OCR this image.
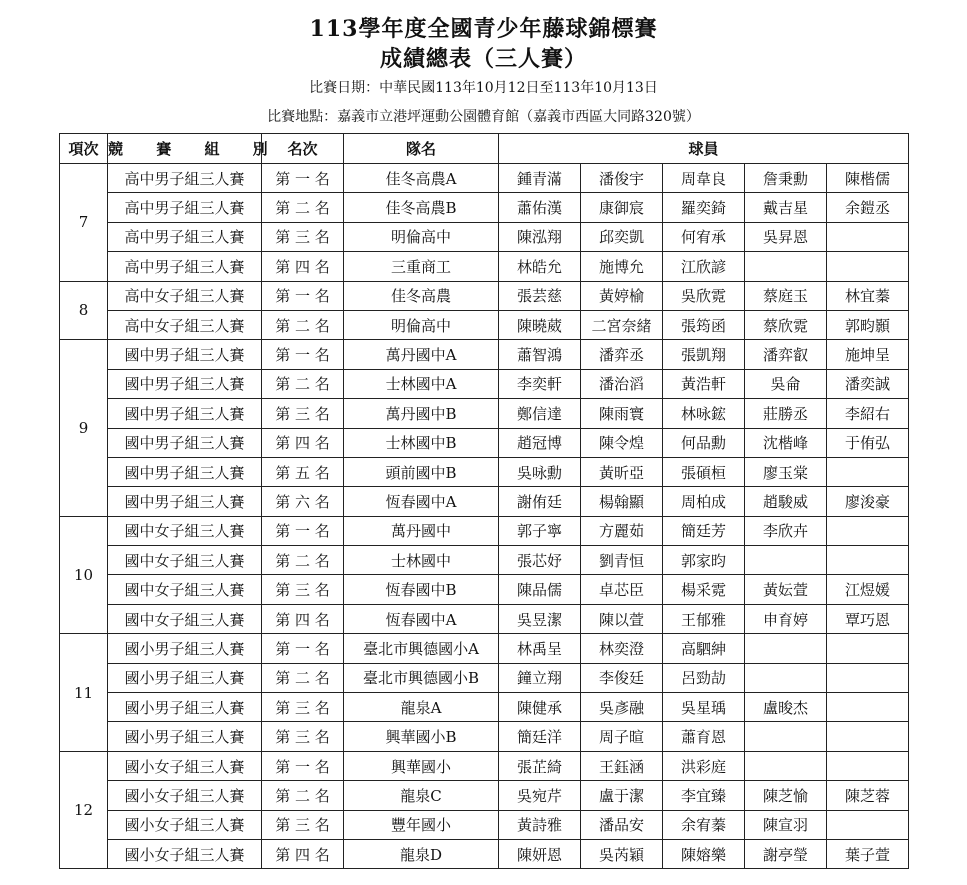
113學年度全國青少年藤球錦標賽
成績總表（三人賽）
比賽日期：中華民國113年10月12日至113年10月13日
比賽地點：嘉義市立港坪運動公園體育館（嘉義市西區大同路320號）
項次	競 賽 組 別	名次	隊名	球員				
7	高中男子組三人賽	第 一 名	佳冬高農A	鍾青滿	潘俊宇	周韋良	詹秉勳	陳楷儒
	高中男子組三人賽	第 二 名	佳冬高農B	蕭佑漢	康御宸	羅奕錡	戴吉星	余鎧丞
	高中男子組三人賽	第 三 名	明倫高中	陳泓翔	邱奕凱	何宥承	吳昇恩	
	高中男子組三人賽	第 四 名	三重商工	林皓允	施博允	江欣諺		
8	高中女子組三人賽	第 一 名	佳冬高農	張芸慈	黃婷榆	吳欣霓	蔡庭玉	林宜蓁
	高中女子組三人賽	第 二 名	明倫高中	陳曉葳	二宮奈緒	張筠函	蔡欣霓	郭畇顥
9	國中男子組三人賽	第 一 名	萬丹國中A	蕭智鴻	潘弈丞	張凱翔	潘弈叡	施坤呈
	國中男子組三人賽	第 二 名	士林國中A	李奕軒	潘治滔	黃浩軒	吳侖	潘奕誠
	國中男子組三人賽	第 三 名	萬丹國中B	鄭信達	陳雨寰	林咏鋐	莊勝丞	李紹右
	國中男子組三人賽	第 四 名	士林國中B	趙冠博	陳令煌	何品勳	沈楷峰	于侑弘
	國中男子組三人賽	第 五 名	頭前國中B	吳咏勳	黃昕亞	張碩桓	廖玉棠	
	國中男子組三人賽	第 六 名	恆春國中A	謝侑廷	楊翰顯	周柏成	趙駿威	廖浚豪
10	國中女子組三人賽	第 一 名	萬丹國中	郭子寧	方麗茹	簡廷芳	李欣卉	
	國中女子組三人賽	第 二 名	士林國中	張芯妤	劉青恒	郭家昀		
	國中女子組三人賽	第 三 名	恆春國中B	陳品儒	卓芯臣	楊采霓	黃妘萱	江煜媛
	國中女子組三人賽	第 四 名	恆春國中A	吳昱潔	陳以萱	王郁雅	申育婷	覃巧恩
11	國小男子組三人賽	第 一 名	臺北市興德國小A	林禹呈	林奕澄	高駟紳		
	國小男子組三人賽	第 二 名	臺北市興德國小B	鐘立翔	李俊廷	呂勁劼		
	國小男子組三人賽	第 三 名	龍泉A	陳健承	吳彥融	吳星瑀	盧晙杰	
	國小男子組三人賽	第 三 名	興華國小B	簡廷洋	周子暄	蕭育恩		
12	國小女子組三人賽	第 一 名	興華國小	張芷綺	王鈺涵	洪彩庭		
	國小女子組三人賽	第 二 名	龍泉C	吳宛芹	盧于潔	李宜臻	陳芝愉	陳芝蓉
	國小女子組三人賽	第 三 名	豐年國小	黃詩雅	潘品安	余宥蓁	陳宣羽	
	國小女子組三人賽	第 四 名	龍泉D	陳妍恩	吳芮穎	陳嫆樂	謝亭瑩	葉子萱
